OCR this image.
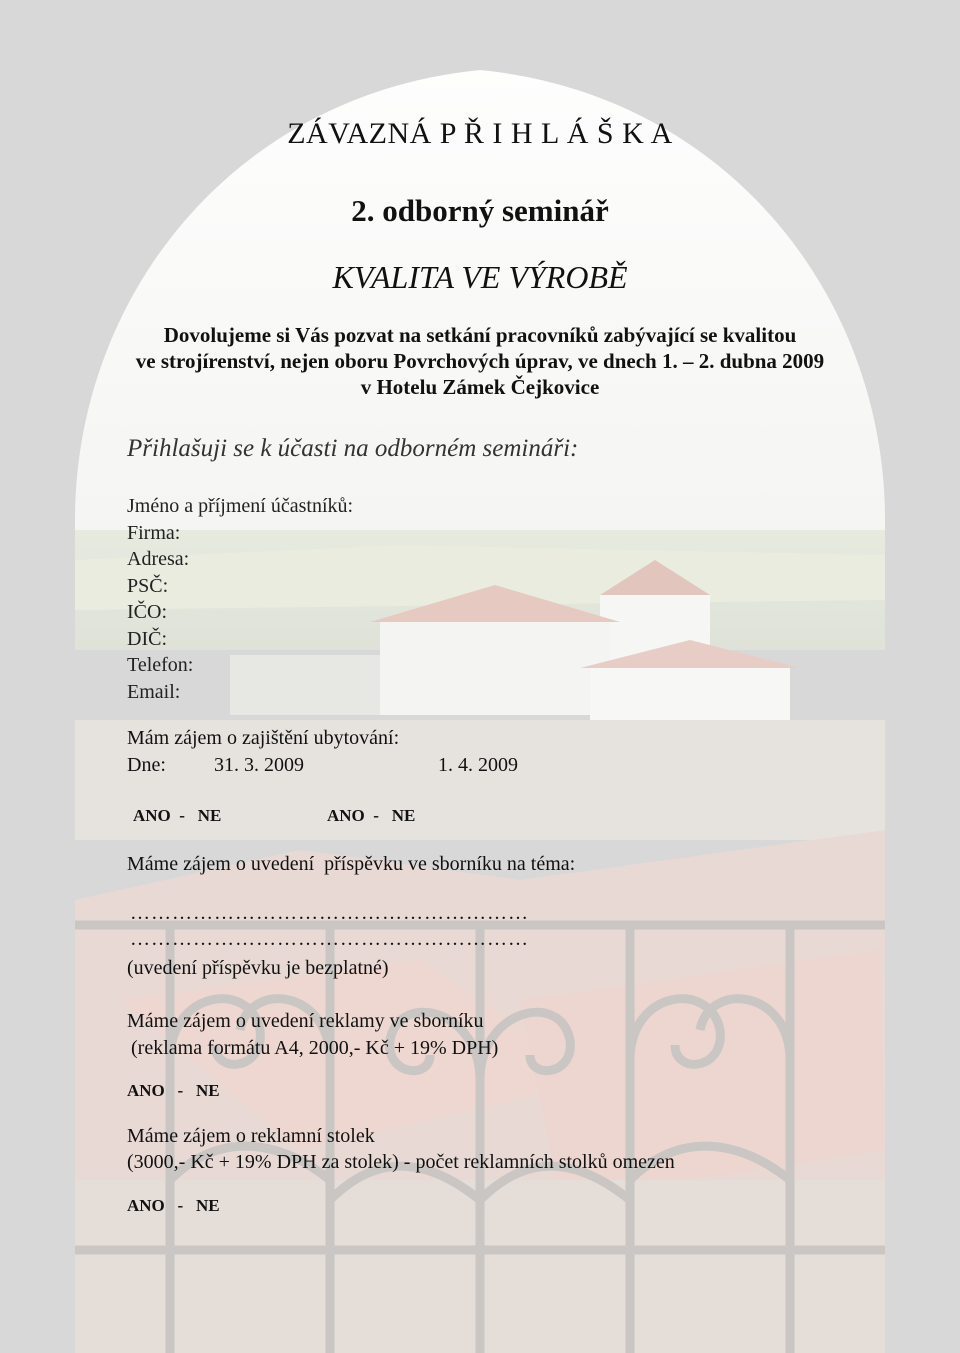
ZÁVAZNÁ P Ř I H L Á Š K A
2. odborný seminář
KVALITA VE VÝROBĚ
Dovolujeme si Vás pozvat na setkání pracovníků zabývající se kvalitou
ve strojírenství, nejen oboru Povrchových úprav, ve dnech 1. – 2. dubna 2009
v Hotelu Zámek Čejkovice
Přihlašuji se k účasti na odborném semináři:
Jméno a příjmení účastníků:
Firma:
Adresa:
PSČ:
IČO:
DIČ:
Telefon:
Email:
Mám zájem o zajištění ubytování:
Dne: 31. 3. 2009	1. 4. 2009
ANO  -   NE	ANO  -   NE
Máme zájem o uvedení  příspěvku ve sborníku na téma:
…………………………………………………
…………………………………………………
(uvedení příspěvku je bezplatné)
Máme zájem o uvedení reklamy ve sborníku
(reklama formátu A4, 2000,- Kč + 19% DPH)
ANO   -   NE
Máme zájem o reklamní stolek
(3000,- Kč + 19% DPH za stolek) - počet reklamních stolků omezen
ANO   -   NE
